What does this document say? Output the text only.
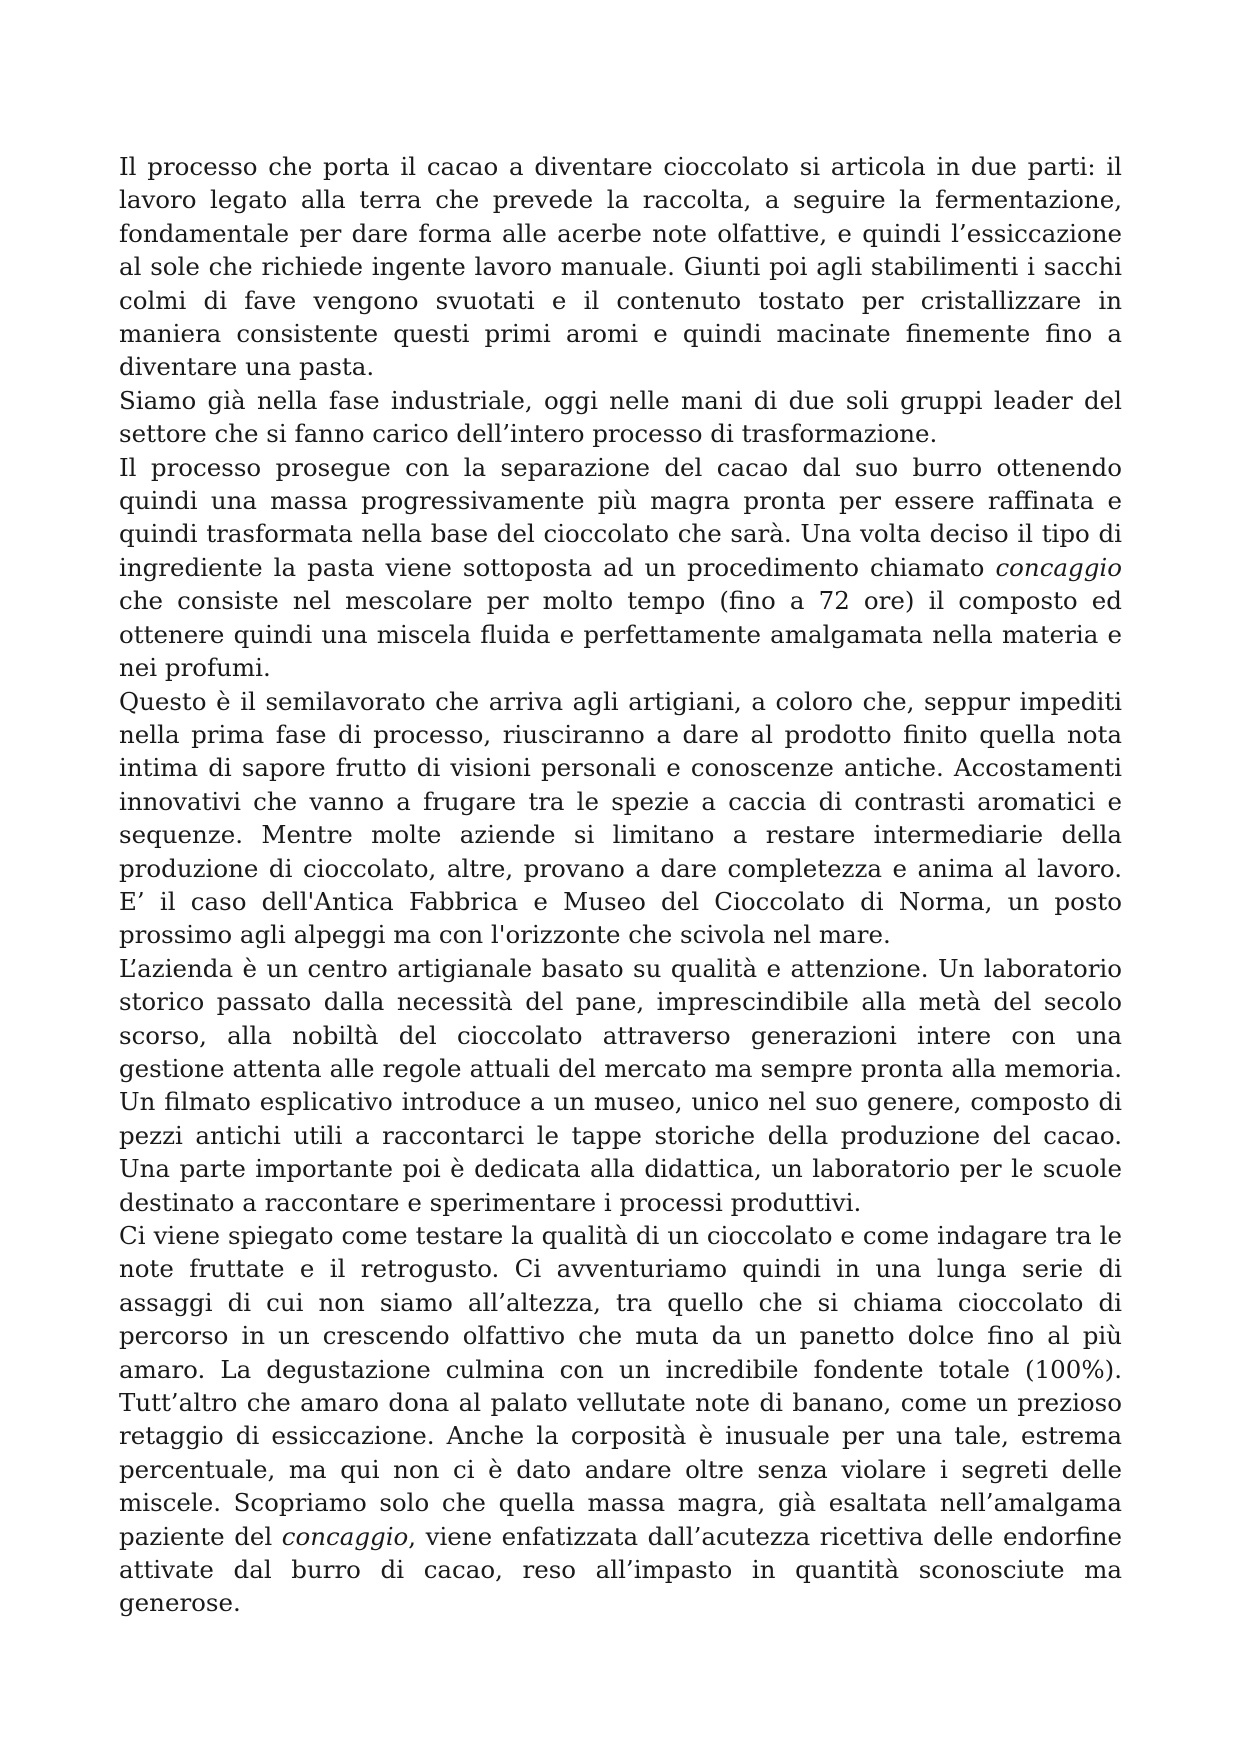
Il processo che porta il cacao a diventare cioccolato si articola in due parti: il lavoro legato alla terra che prevede la raccolta, a seguire la fermentazione, fondamentale per dare forma alle acerbe note olfattive, e quindi l’essiccazione al sole che richiede ingente lavoro manuale. Giunti poi agli stabilimenti i sacchi colmi di fave vengono svuotati e il contenuto tostato per cristallizzare in maniera consistente questi primi aromi e quindi macinate finemente fino a diventare una pasta.

Siamo già nella fase industriale, oggi nelle mani di due soli gruppi leader del settore che si fanno carico dell’intero processo di trasformazione.

Il processo prosegue con la separazione del cacao dal suo burro ottenendo quindi una massa progressivamente più magra pronta per essere raffinata e quindi trasformata nella base del cioccolato che sarà. Una volta deciso il tipo di ingrediente la pasta viene sottoposta ad un procedimento chiamato concaggio che consiste nel mescolare per molto tempo (fino a 72 ore) il composto ed ottenere quindi una miscela fluida e perfettamente amalgamata nella materia e nei profumi.

Questo è il semilavorato che arriva agli artigiani, a coloro che, seppur impediti nella prima fase di processo, riusciranno a dare al prodotto finito quella nota intima di sapore frutto di visioni personali e conoscenze antiche. Accostamenti innovativi che vanno a frugare tra le spezie a caccia di contrasti aromatici e sequenze. Mentre molte aziende si limitano a restare intermediarie della produzione di cioccolato, altre, provano a dare completezza e anima al lavoro. E’ il caso dell'Antica Fabbrica e Museo del Cioccolato di Norma, un posto prossimo agli alpeggi ma con l'orizzonte che scivola nel mare.

L’azienda è un centro artigianale basato su qualità e attenzione. Un laboratorio storico passato dalla necessità del pane, imprescindibile alla metà del secolo scorso, alla nobiltà del cioccolato attraverso generazioni intere con una gestione attenta alle regole attuali del mercato ma sempre pronta alla memoria. Un filmato esplicativo introduce a un museo, unico nel suo genere, composto di pezzi antichi utili a raccontarci le tappe storiche della produzione del cacao. Una parte importante poi è dedicata alla didattica, un laboratorio per le scuole destinato a raccontare e sperimentare i processi produttivi.

Ci viene spiegato come testare la qualità di un cioccolato e come indagare tra le note fruttate e il retrogusto. Ci avventuriamo quindi in una lunga serie di assaggi di cui non siamo all’altezza, tra quello che si chiama cioccolato di percorso in un crescendo olfattivo che muta da un panetto dolce fino al più amaro. La degustazione culmina con un incredibile fondente totale (100%). Tutt’altro che amaro dona al palato vellutate note di banano, come un prezioso retaggio di essiccazione. Anche la corposità è inusuale per una tale, estrema percentuale, ma qui non ci è dato andare oltre senza violare i segreti delle miscele. Scopriamo solo che quella massa magra, già esaltata nell’amalgama paziente del concaggio, viene enfatizzata dall’acutezza ricettiva delle endorfine attivate dal burro di cacao, reso all’impasto in quantità sconosciute ma generose.
